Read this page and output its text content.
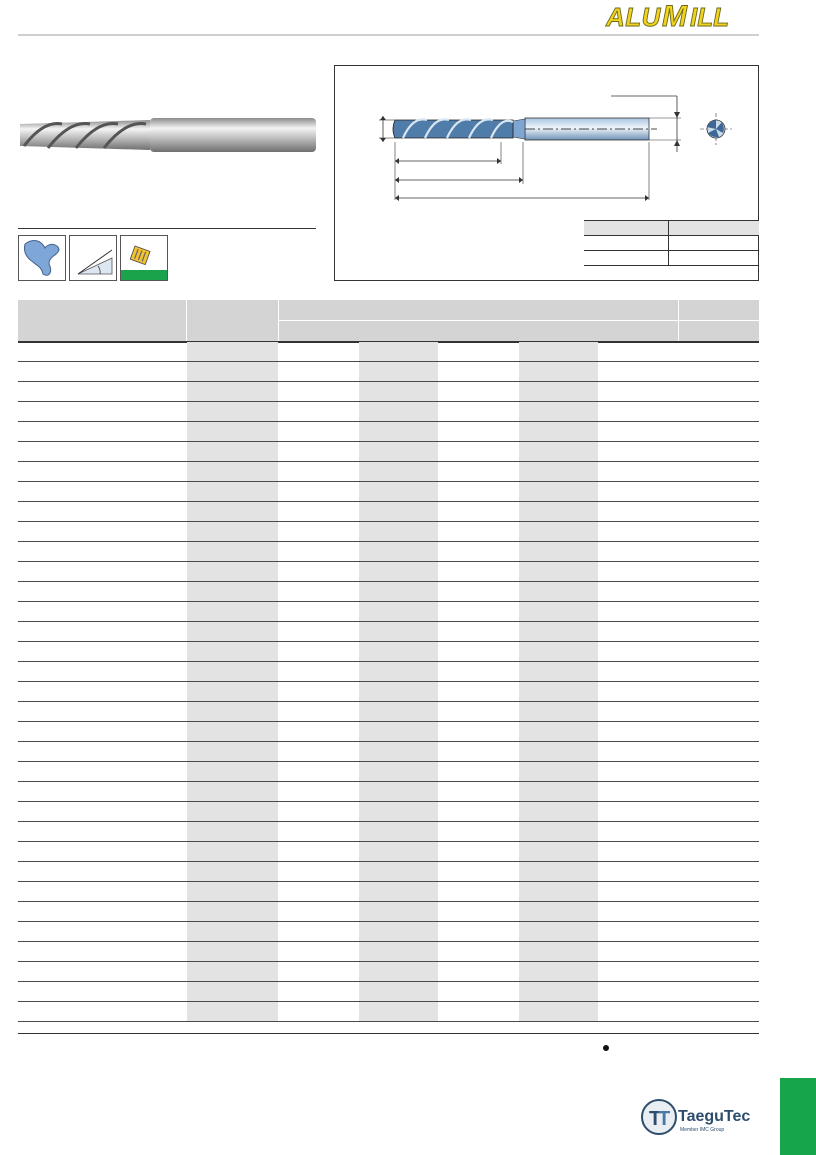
ALU M ILL

T
T TaeguTec
Member IMC Group
